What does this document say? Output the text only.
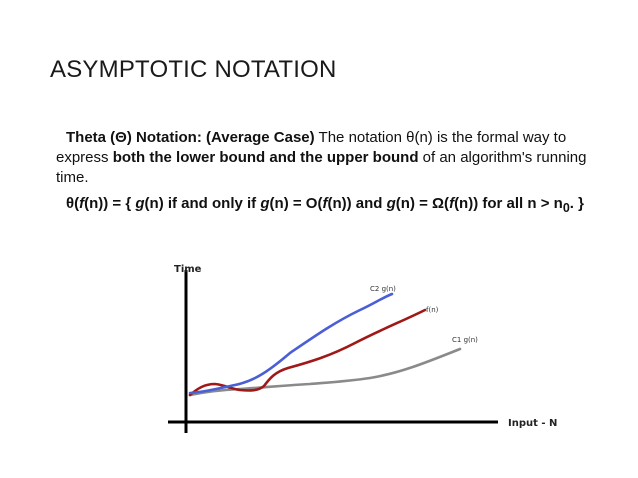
ASYMPTOTIC NOTATION

Theta (Θ) Notation: (Average Case) The notation θ(n) is the formal way to express both the lower bound and the upper bound of an algorithm's running time.

θ(f(n)) = { g(n) if and only if g(n) = O(f(n)) and g(n) = Ω(f(n)) for all $n > n_0$. }

Time
Input - N
C2 g(n)
f(n)
C1 g(n)
